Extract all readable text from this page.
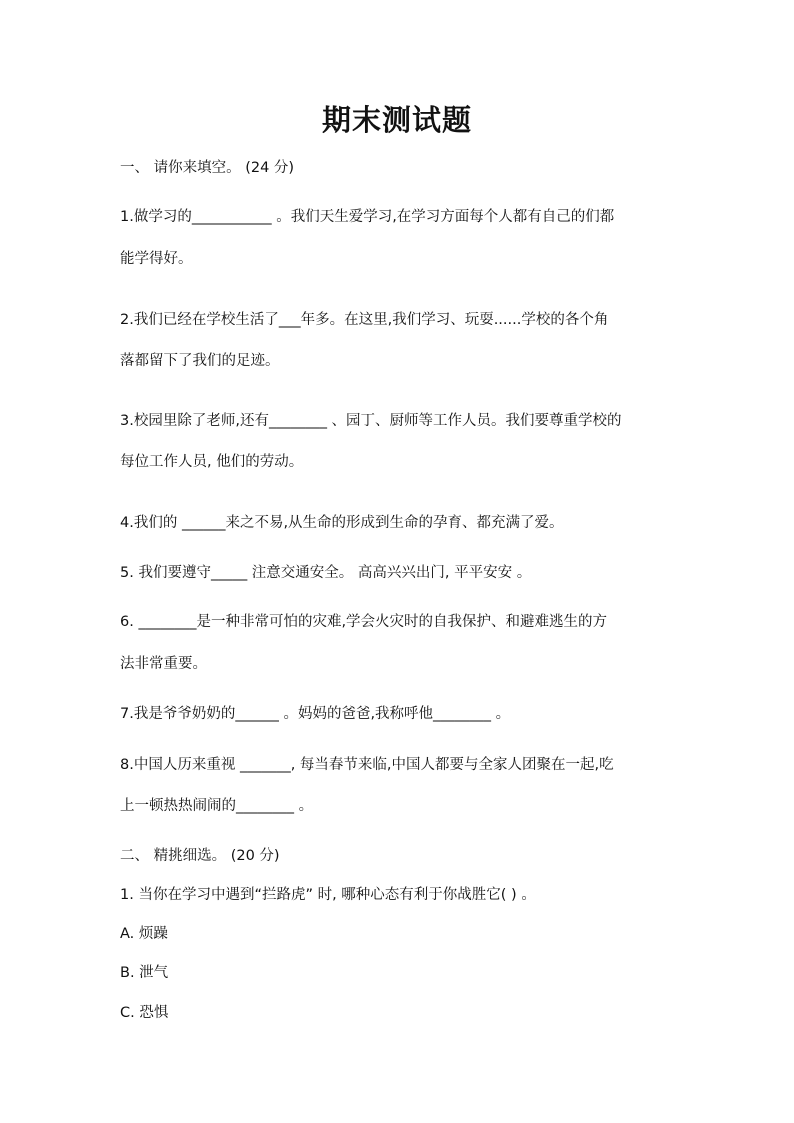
期末测试题
一、 请你来填空。 (24 分)
1.做学习的___________ 。我们天生爱学习,在学习方面每个人都有自己的们都
能学得好。
2.我们已经在学校生活了___年多。在这里,我们学习、玩耍......学校的各个角
落都留下了我们的足迹。
3.校园里除了老师,还有________ 、园丁、厨师等工作人员。我们要尊重学校的
每位工作人员, 他们的劳动。
4.我们的 ______来之不易,从生命的形成到生命的孕育、都充满了爱。
5. 我们要遵守_____ 注意交通安全。 高高兴兴出门, 平平安安 。
6. ________是一种非常可怕的灾难,学会火灾时的自我保护、和避难逃生的方
法非常重要。
7.我是爷爷奶奶的______ 。妈妈的爸爸,我称呼他________ 。
8.中国人历来重视 _______, 每当春节来临,中国人都要与全家人团聚在一起,吃
上一顿热热闹闹的________ 。
二、 精挑细选。 (20 分)
1. 当你在学习中遇到“拦路虎” 时, 哪种心态有利于你战胜它( ) 。
A. 烦躁
B. 泄气
C. 恐惧
